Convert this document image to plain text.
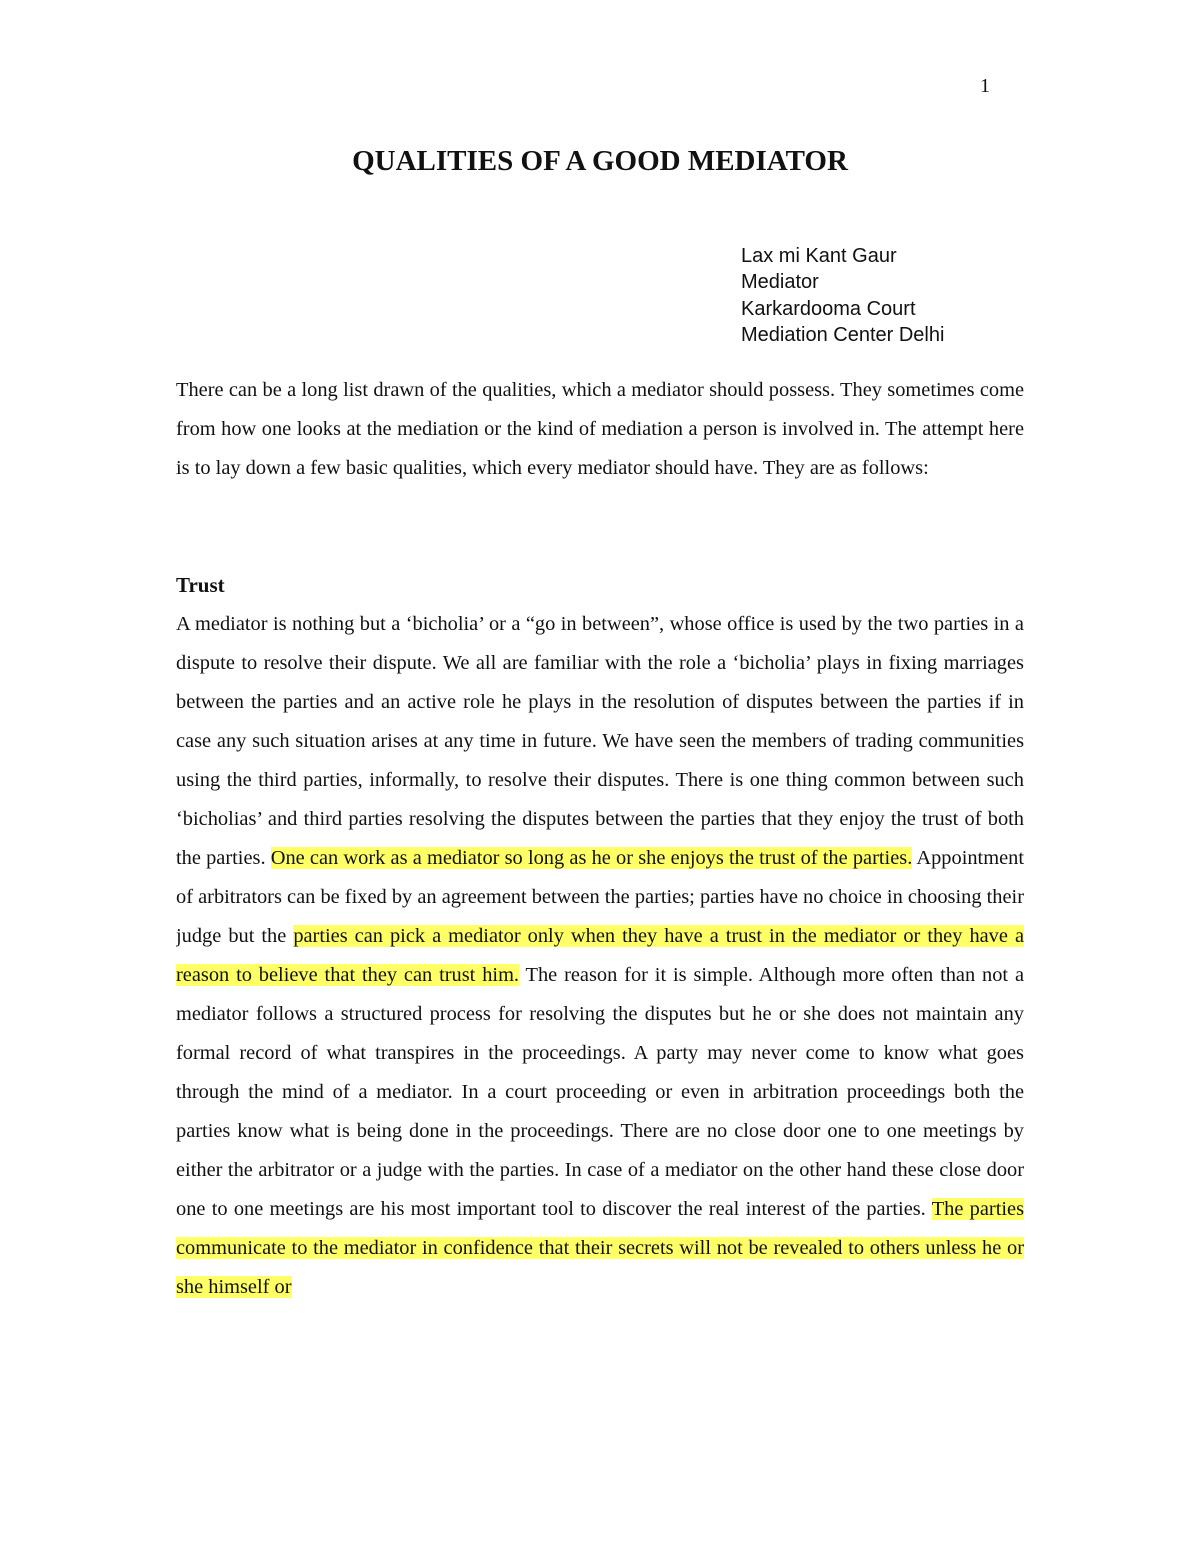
1
QUALITIES OF A GOOD MEDIATOR
Lax mi Kant Gaur
Mediator
Karkardooma Court
Mediation Center Delhi

There can be a long list drawn of the qualities, which a mediator should possess. They sometimes come from how one looks at the mediation or the kind of mediation a person is involved in. The attempt here is to lay down a few basic qualities, which every mediator should have. They are as follows:

Trust

A mediator is nothing but a ‘bicholia’ or a “go in between”, whose office is used by the two parties in a dispute to resolve their dispute. We all are familiar with the role a ‘bicholia’ plays in fixing marriages between the parties and an active role he plays in the resolution of disputes between the parties if in case any such situation arises at any time in future. We have seen the members of trading communities using the third parties, informally, to resolve their disputes. There is one thing common between such ‘bicholias’ and third parties resolving the disputes between the parties that they enjoy the trust of both the parties. One can work as a mediator so long as he or she enjoys the trust of the parties. Appointment of arbitrators can be fixed by an agreement between the parties; parties have no choice in choosing their judge but the parties can pick a mediator only when they have a trust in the mediator or they have a reason to believe that they can trust him. The reason for it is simple. Although more often than not a mediator follows a structured process for resolving the disputes but he or she does not maintain any formal record of what transpires in the proceedings. A party may never come to know what goes through the mind of a mediator. In a court proceeding or even in arbitration proceedings both the parties know what is being done in the proceedings. There are no close door one to one meetings by either the arbitrator or a judge with the parties. In case of a mediator on the other hand these close door one to one meetings are his most important tool to discover the real interest of the parties. The parties communicate to the mediator in confidence that their secrets will not be revealed to others unless he or she himself or
